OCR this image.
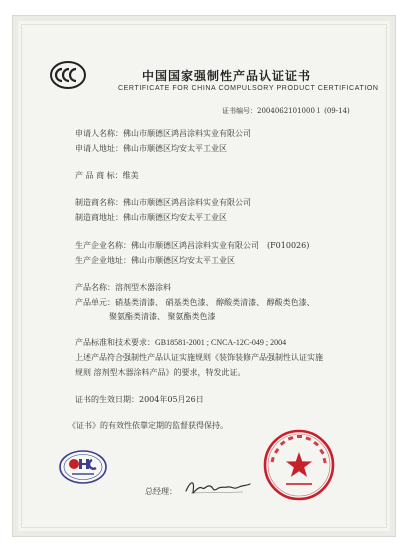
中国国家强制性产品认证证书
CERTIFICATE FOR CHINA COMPULSORY PRODUCT CERTIFICATION
证书编号：2004062101000１ (09-14)
申请人名称：佛山市顺德区鸿昌涂料实业有限公司
申请人地址：佛山市顺德区均安太平工业区
产 品 商 标：维美
制造商名称：佛山市顺德区鸿昌涂料实业有限公司
制造商地址：佛山市顺德区均安太平工业区
生产企业名称：佛山市顺德区鸿昌涂料实业有限公司　(F010026)
生产企业地址：佛山市顺德区均安太平工业区
产品名称：溶剂型木器涂料
产品单元：硝基类清漆、 硝基类色漆、 醇酸类清漆、 醇酸类色漆、
聚氨酯类清漆、 聚氨酯类色漆
产品标准和技术要求：GB18581-2001 ; CNCA-12C-049 ; 2004
上述产品符合强制性产品认证实施规则《装饰装修产品强制性认证实施
规则 溶剂型木器涂料产品》的要求，特发此证。
证书的生效日期：2004年05月26日
《证书》的有效性依靠定期的监督获得保持。
总经理：
